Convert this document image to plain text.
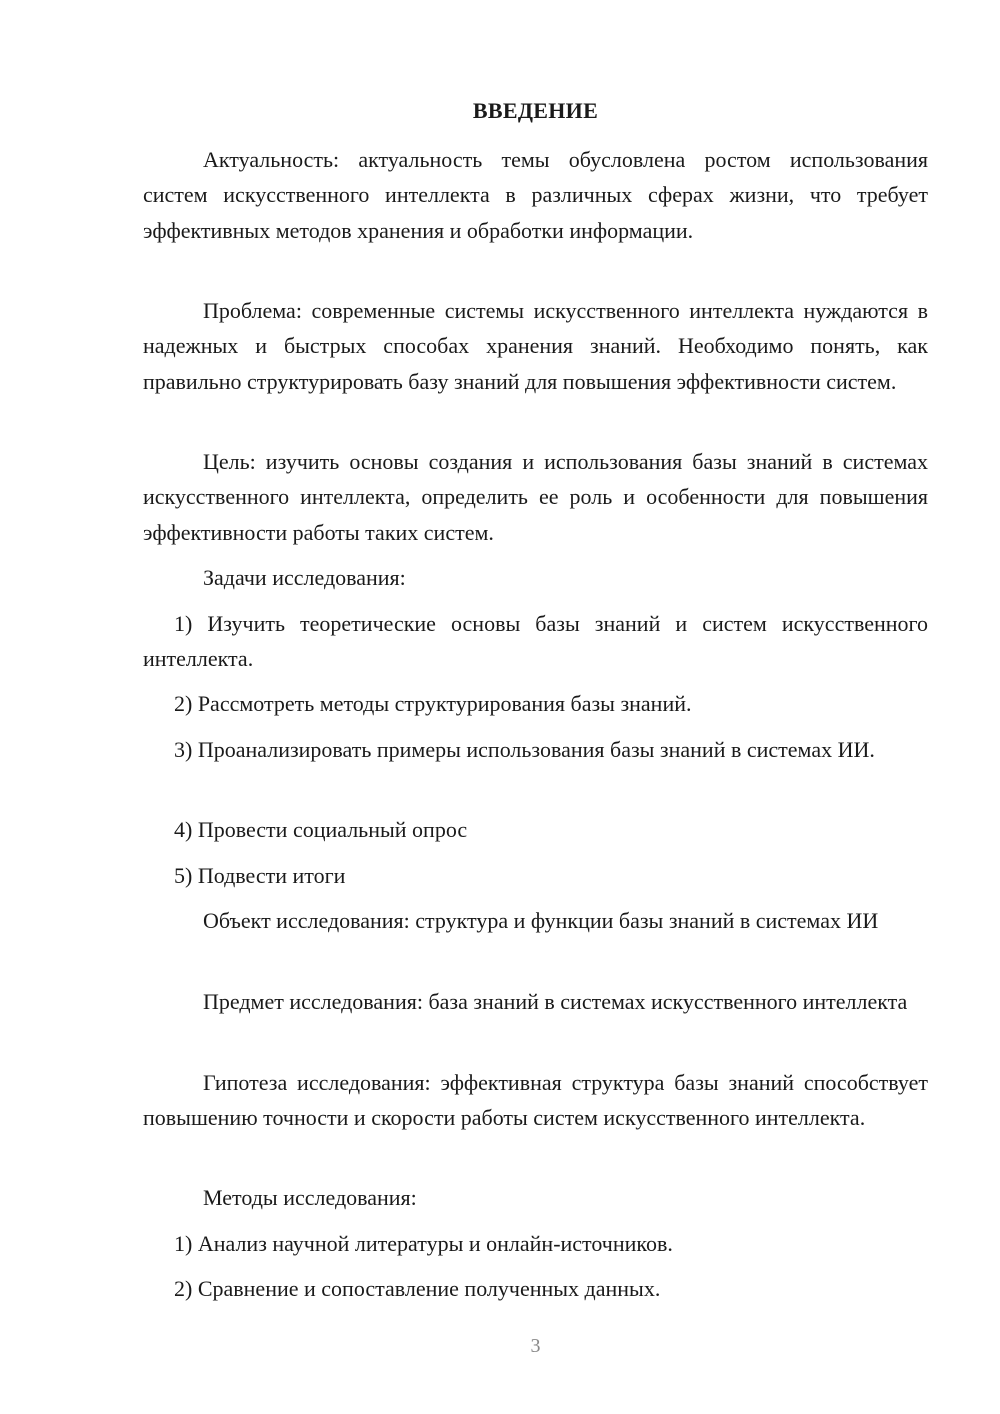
ВВЕДЕНИЕ

Актуальность: актуальность темы обусловлена ростом использования систем искусственного интеллекта в различных сферах жизни, что требует эффективных методов хранения и обработки информации.

Проблема: современные системы искусственного интеллекта нуждаются в надежных и быстрых способах хранения знаний. Необходимо понять, как правильно структурировать базу знаний для повышения эффективности систем.

Цель: изучить основы создания и использования базы знаний в системах искусственного интеллекта, определить ее роль и особенности для повышения эффективности работы таких систем.

Задачи исследования:

1) Изучить теоретические основы базы знаний и систем искусственного интеллекта.

2) Рассмотреть методы структурирования базы знаний.

3) Проанализировать примеры использования базы знаний в системах ИИ.

4) Провести социальный опрос

5) Подвести итоги

Объект исследования: структура и функции базы знаний в системах ИИ

Предмет исследования: база знаний в системах искусственного интеллекта

Гипотеза исследования: эффективная структура базы знаний способствует повышению точности и скорости работы систем искусственного интеллекта.

Методы исследования:

1) Анализ научной литературы и онлайн-источников.

2) Сравнение и сопоставление полученных данных.

3
